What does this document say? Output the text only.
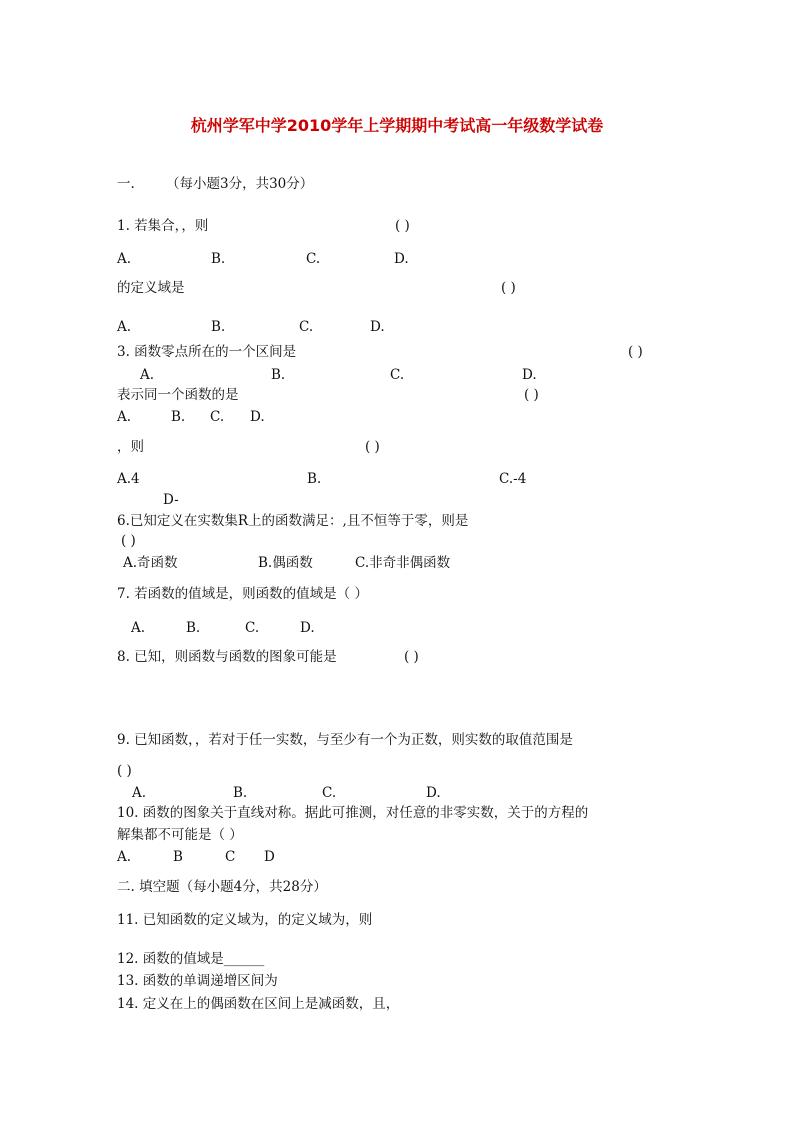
杭州学军中学2010学年上学期期中考试高一年级数学试卷
一. （每小题3分，共30分）
1. 若集合，，则	( )
A.	B.	C.	D.
的定义域是	( )
A.	B.	C.	D.
3. 函数零点所在的一个区间是	( )
A.	B.	C.	D.
表示同一个函数的是	( )
A.	B. C. D.
，则	( )
A.4	B.	C.-4
D-
6.已知定义在实数集R上的函数满足：,且不恒等于零，则是
( )
A.奇函数	B.偶函数	C.非奇非偶函数
7. 若函数的值域是，则函数的值域是（ ）
A.	B.	C.	D.
8. 已知，则函数与函数的图象可能是	( )
9. 已知函数，，若对于任一实数，与至少有一个为正数，则实数的取值范围是
( )
A.	B.	C.	D.
10. 函数的图象关于直线对称。据此可推测，对任意的非零实数，关于的方程的
解集都不可能是（ ）
A.	B	C D
二. 填空题（每小题4分，共28分）
11. 已知函数的定义域为，的定义域为，则
12. 函数的值域是______
13. 函数的单调递增区间为
14. 定义在上的偶函数在区间上是减函数，且，
